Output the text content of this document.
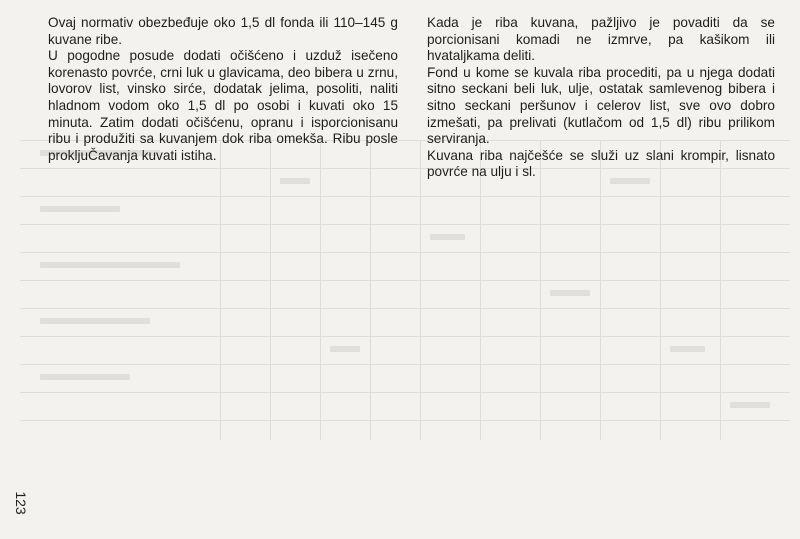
Ovaj normativ obezbeđuje oko 1,5 dl fonda ili 110–145 g kuvane ribe.

U pogodne posude dodati očišćeno i uzduž isečeno korenasto povrće, crni luk u glavicama, deo bibera u zrnu, lovorov list, vinsko sirće, dodatak jelima, posoliti, naliti hladnom vodom oko 1,5 dl po osobi i kuvati oko 15 minuta. Zatim dodati očišćenu, opranu i isporcionisanu ribu i produžiti sa kuvanjem dok riba omekša. Ribu posle prokljuČavanja kuvati istiha.

Kada je riba kuvana, pažljivo je povaditi da se porcionisani komadi ne izmrve, pa kašikom ili hvataljkama deliti.

Fond u kome se kuvala riba procediti, pa u njega dodati sitno seckani beli luk, ulje, ostatak samlevenog bibera i sitno seckani peršunov i celerov list, sve ovo dobro izmešati, pa prelivati (kutlačom od 1,5 dl) ribu prilikom serviranja.

Kuvana riba najčešće se služi uz slani krompir, lisnato povrće na ulju i sl.

123
